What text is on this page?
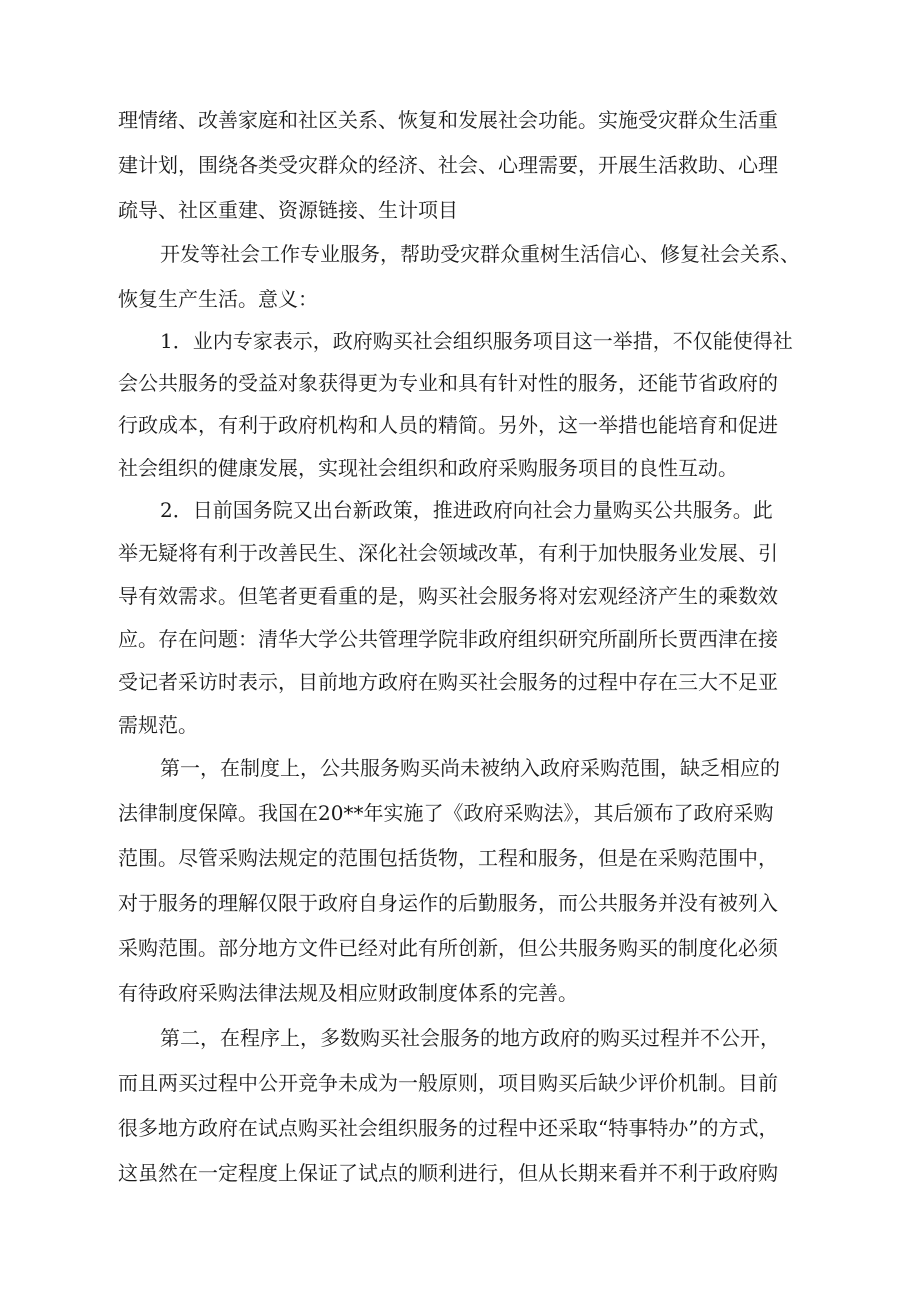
理情绪、改善家庭和社区关系、恢复和发展社会功能。实施受灾群众生活重
建计划，围绕各类受灾群众的经济、社会、心理需要，开展生活救助、心理
疏导、社区重建、资源链接、生计项目
开发等社会工作专业服务，帮助受灾群众重树生活信心、修复社会关系、
恢复生产生活。意义：
1．业内专家表示，政府购买社会组织服务项目这一举措，不仅能使得社
会公共服务的受益对象获得更为专业和具有针对性的服务，还能节省政府的
行政成本，有利于政府机构和人员的精简。另外，这一举措也能培育和促进
社会组织的健康发展，实现社会组织和政府采购服务项目的良性互动。
2．日前国务院又出台新政策，推进政府向社会力量购买公共服务。此
举无疑将有利于改善民生、深化社会领域改革，有利于加快服务业发展、引
导有效需求。但笔者更看重的是，购买社会服务将对宏观经济产生的乘数效
应。存在问题：清华大学公共管理学院非政府组织研究所副所长贾西津在接
受记者采访时表示，目前地方政府在购买社会服务的过程中存在三大不足亚
需规范。
第一，在制度上，公共服务购买尚未被纳入政府采购范围，缺乏相应的
法律制度保障。我国在20**年实施了《政府采购法》，其后颁布了政府采购
范围。尽管采购法规定的范围包括货物，工程和服务，但是在采购范围中，
对于服务的理解仅限于政府自身运作的后勤服务，而公共服务并没有被列入
采购范围。部分地方文件已经对此有所创新，但公共服务购买的制度化必须
有待政府采购法律法规及相应财政制度体系的完善。
第二，在程序上，多数购买社会服务的地方政府的购买过程并不公开，
而且两买过程中公开竞争未成为一般原则，项目购买后缺少评价机制。目前
很多地方政府在试点购买社会组织服务的过程中还采取“特事特办”的方式，
这虽然在一定程度上保证了试点的顺利进行，但从长期来看并不利于政府购
